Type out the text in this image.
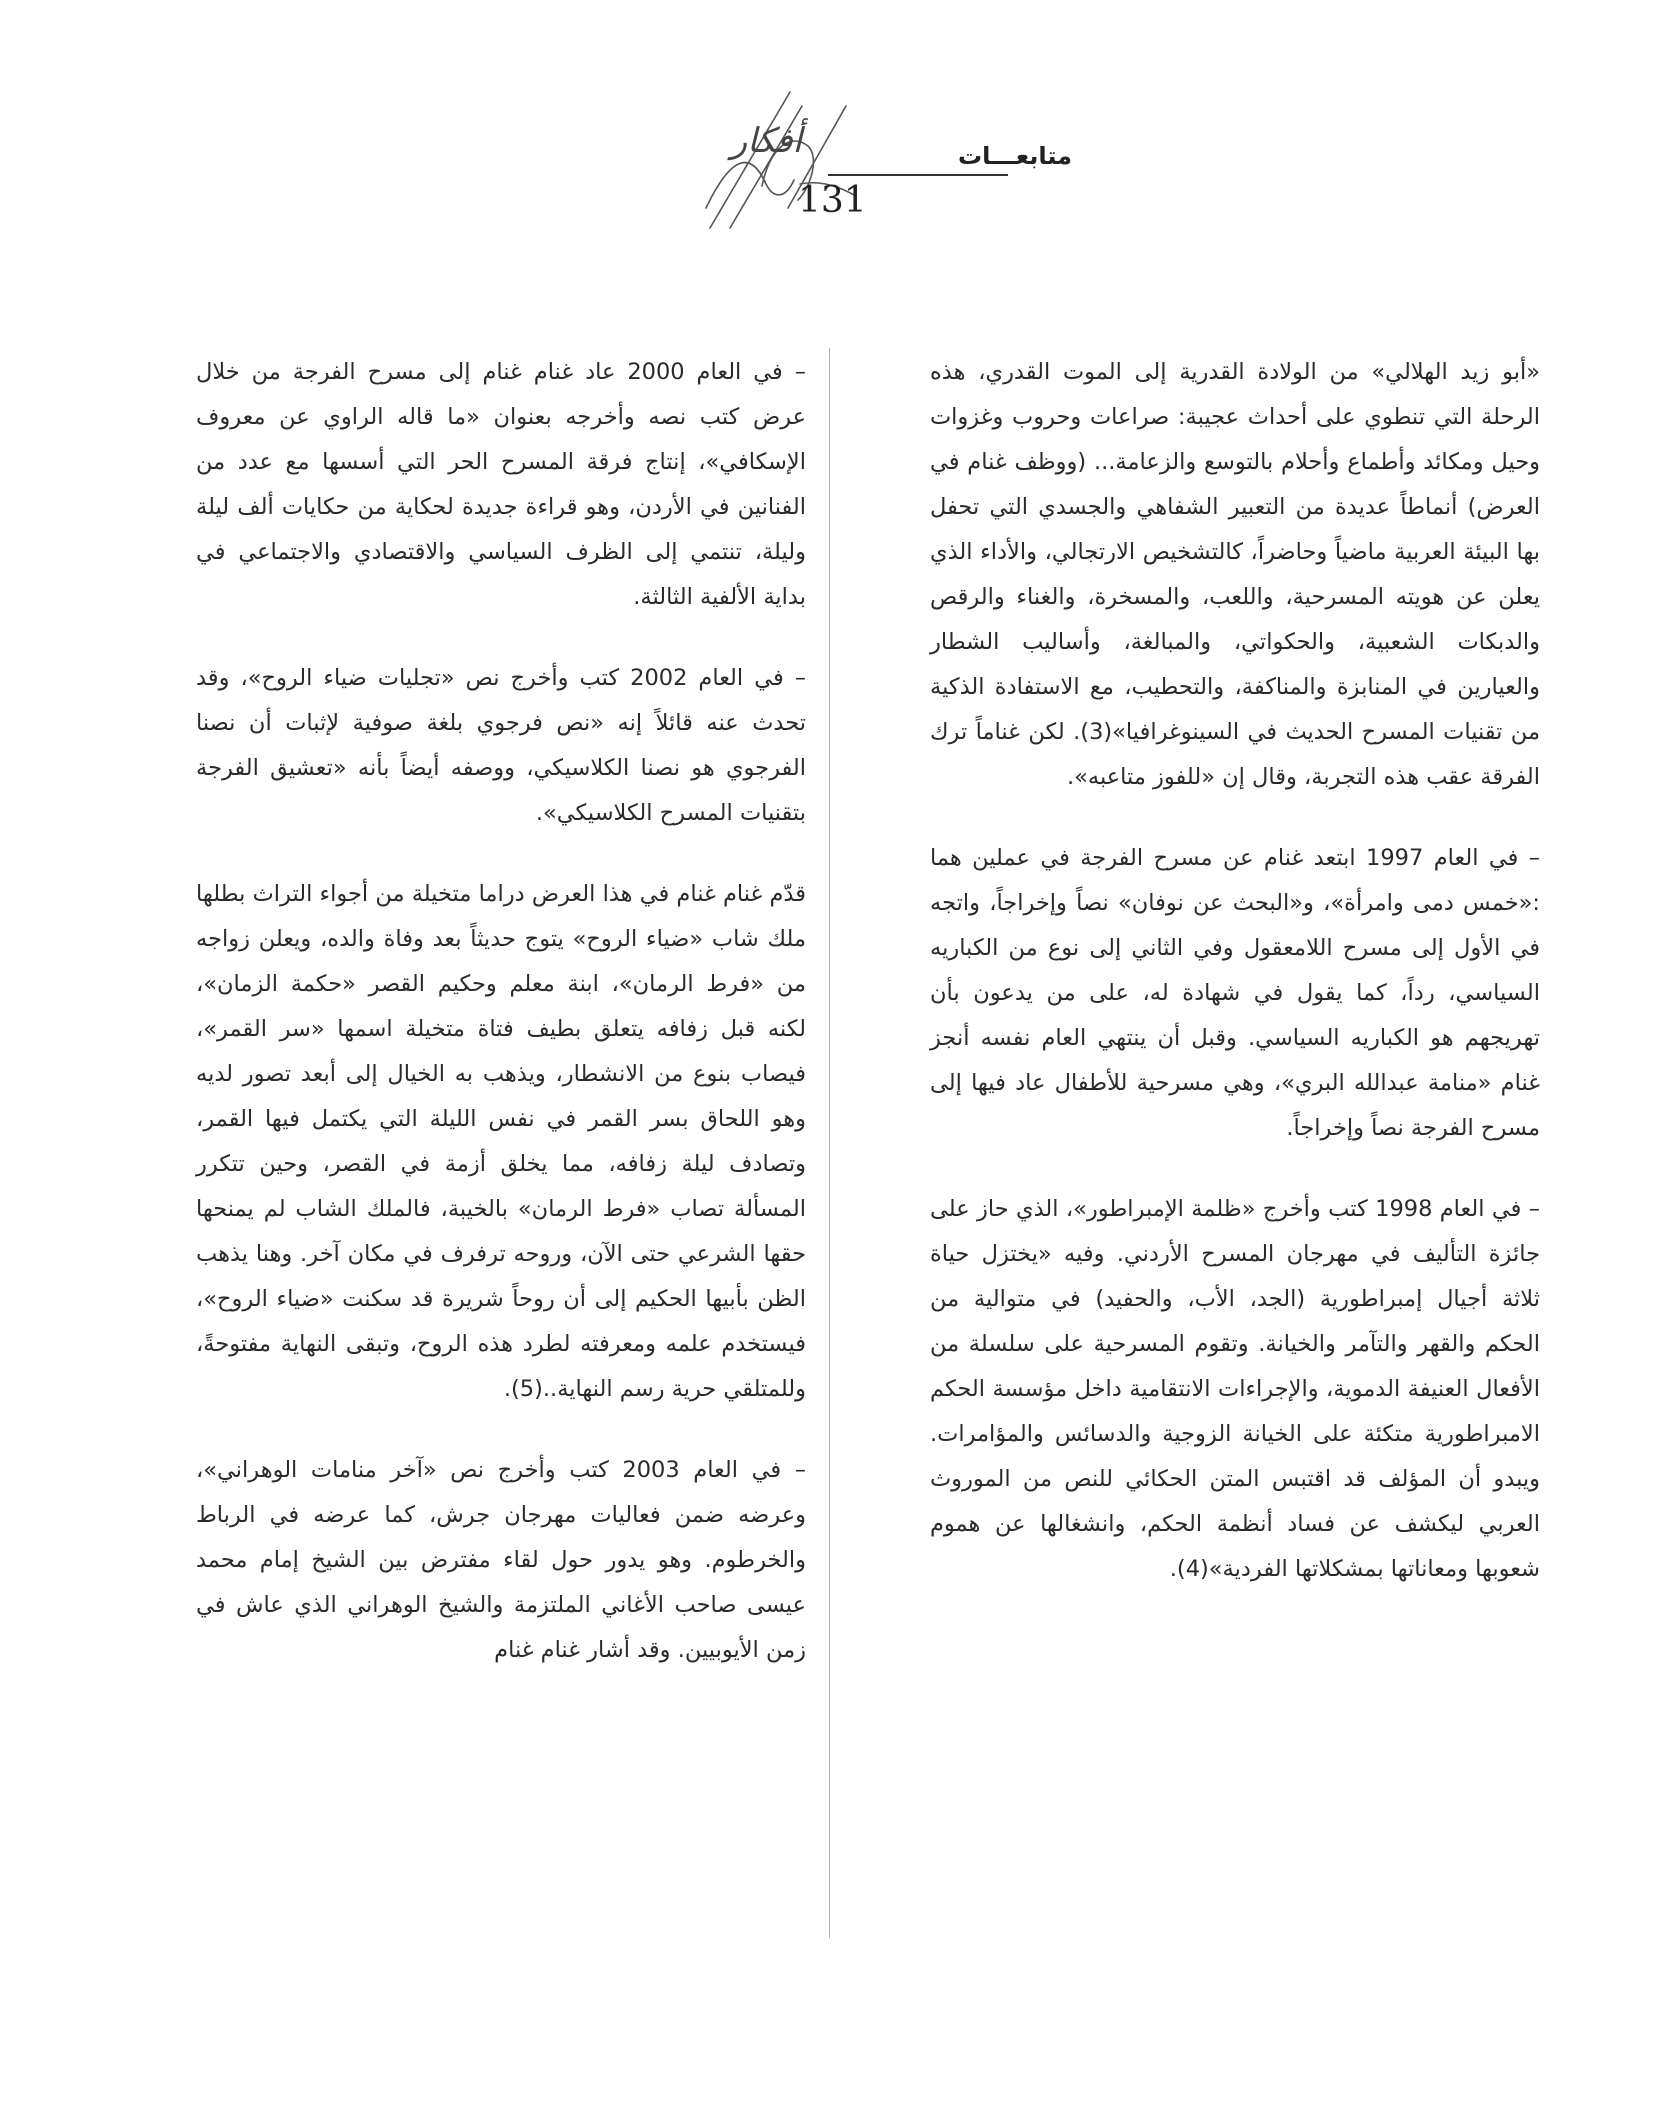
أفكار	متابعـــات
131

«أبو زيد الهلالي» من الولادة القدرية إلى الموت القدري، هذه الرحلة التي تنطوي على أحداث عجيبة: صراعات وحروب وغزوات وحيل ومكائد وأطماع وأحلام بالتوسع والزعامة... (ووظف غنام في العرض) أنماطاً عديدة من التعبير الشفاهي والجسدي التي تحفل بها البيئة العربية ماضياً وحاضراً، كالتشخيص الارتجالي، والأداء الذي يعلن عن هويته المسرحية، واللعب، والمسخرة، والغناء والرقص والدبكات الشعبية، والحكواتي، والمبالغة، وأساليب الشطار والعيارين في المنابزة والمناكفة، والتحطيب، مع الاستفادة الذكية من تقنيات المسرح الحديث في السينوغرافيا»(3). لكن غناماً ترك الفرقة عقب هذه التجربة، وقال إن «للفوز متاعبه».

– في العام 1997 ابتعد غنام عن مسرح الفرجة في عملين هما :«خمس دمى وامرأة»، و«البحث عن نوفان» نصاً وإخراجاً، واتجه في الأول إلى مسرح اللامعقول وفي الثاني إلى نوع من الكباريه السياسي، رداً، كما يقول في شهادة له، على من يدعون بأن تهريجهم هو الكباريه السياسي. وقبل أن ينتهي العام نفسه أنجز غنام «منامة عبدالله البري»، وهي مسرحية للأطفال عاد فيها إلى مسرح الفرجة نصاً وإخراجاً.

– في العام 1998 كتب وأخرج «ظلمة الإمبراطور»، الذي حاز على جائزة التأليف في مهرجان المسرح الأردني. وفيه «يختزل حياة ثلاثة أجيال إمبراطورية (الجد، الأب، والحفيد) في متوالية من الحكم والقهر والتآمر والخيانة. وتقوم المسرحية على سلسلة من الأفعال العنيفة الدموية، والإجراءات الانتقامية داخل مؤسسة الحكم الامبراطورية متكئة على الخيانة الزوجية والدسائس والمؤامرات. ويبدو أن المؤلف قد اقتبس المتن الحكائي للنص من الموروث العربي ليكشف عن فساد أنظمة الحكم، وانشغالها عن هموم شعوبها ومعاناتها بمشكلاتها الفردية»(4).

– في العام 2000 عاد غنام غنام إلى مسرح الفرجة من خلال عرض كتب نصه وأخرجه بعنوان «ما قاله الراوي عن معروف الإسكافي»، إنتاج فرقة المسرح الحر التي أسسها مع عدد من الفنانين في الأردن، وهو قراءة جديدة لحكاية من حكايات ألف ليلة وليلة، تنتمي إلى الظرف السياسي والاقتصادي والاجتماعي في بداية الألفية الثالثة.

– في العام 2002 كتب وأخرج نص «تجليات ضياء الروح»، وقد تحدث عنه قائلاً إنه «نص فرجوي بلغة صوفية لإثبات أن نصنا الفرجوي هو نصنا الكلاسيكي، ووصفه أيضاً بأنه «تعشيق الفرجة بتقنيات المسرح الكلاسيكي».

قدّم غنام غنام في هذا العرض دراما متخيلة من أجواء التراث بطلها ملك شاب «ضياء الروح» يتوج حديثاً بعد وفاة والده، ويعلن زواجه من «فرط الرمان»، ابنة معلم وحكيم القصر «حكمة الزمان»، لكنه قبل زفافه يتعلق بطيف فتاة متخيلة اسمها «سر القمر»، فيصاب بنوع من الانشطار، ويذهب به الخيال إلى أبعد تصور لديه وهو اللحاق بسر القمر في نفس الليلة التي يكتمل فيها القمر، وتصادف ليلة زفافه، مما يخلق أزمة في القصر، وحين تتكرر المسألة تصاب «فرط الرمان» بالخيبة، فالملك الشاب لم يمنحها حقها الشرعي حتى الآن، وروحه ترفرف في مكان آخر. وهنا يذهب الظن بأبيها الحكيم إلى أن روحاً شريرة قد سكنت «ضياء الروح»، فيستخدم علمه ومعرفته لطرد هذه الروح، وتبقى النهاية مفتوحةً، وللمتلقي حرية رسم النهاية..(5).

– في العام 2003 كتب وأخرج نص «آخر منامات الوهراني»، وعرضه ضمن فعاليات مهرجان جرش، كما عرضه في الرباط والخرطوم. وهو يدور حول لقاء مفترض بين الشيخ إمام محمد عيسى صاحب الأغاني الملتزمة والشيخ الوهراني الذي عاش في زمن الأيوبيين. وقد أشار غنام غنام
